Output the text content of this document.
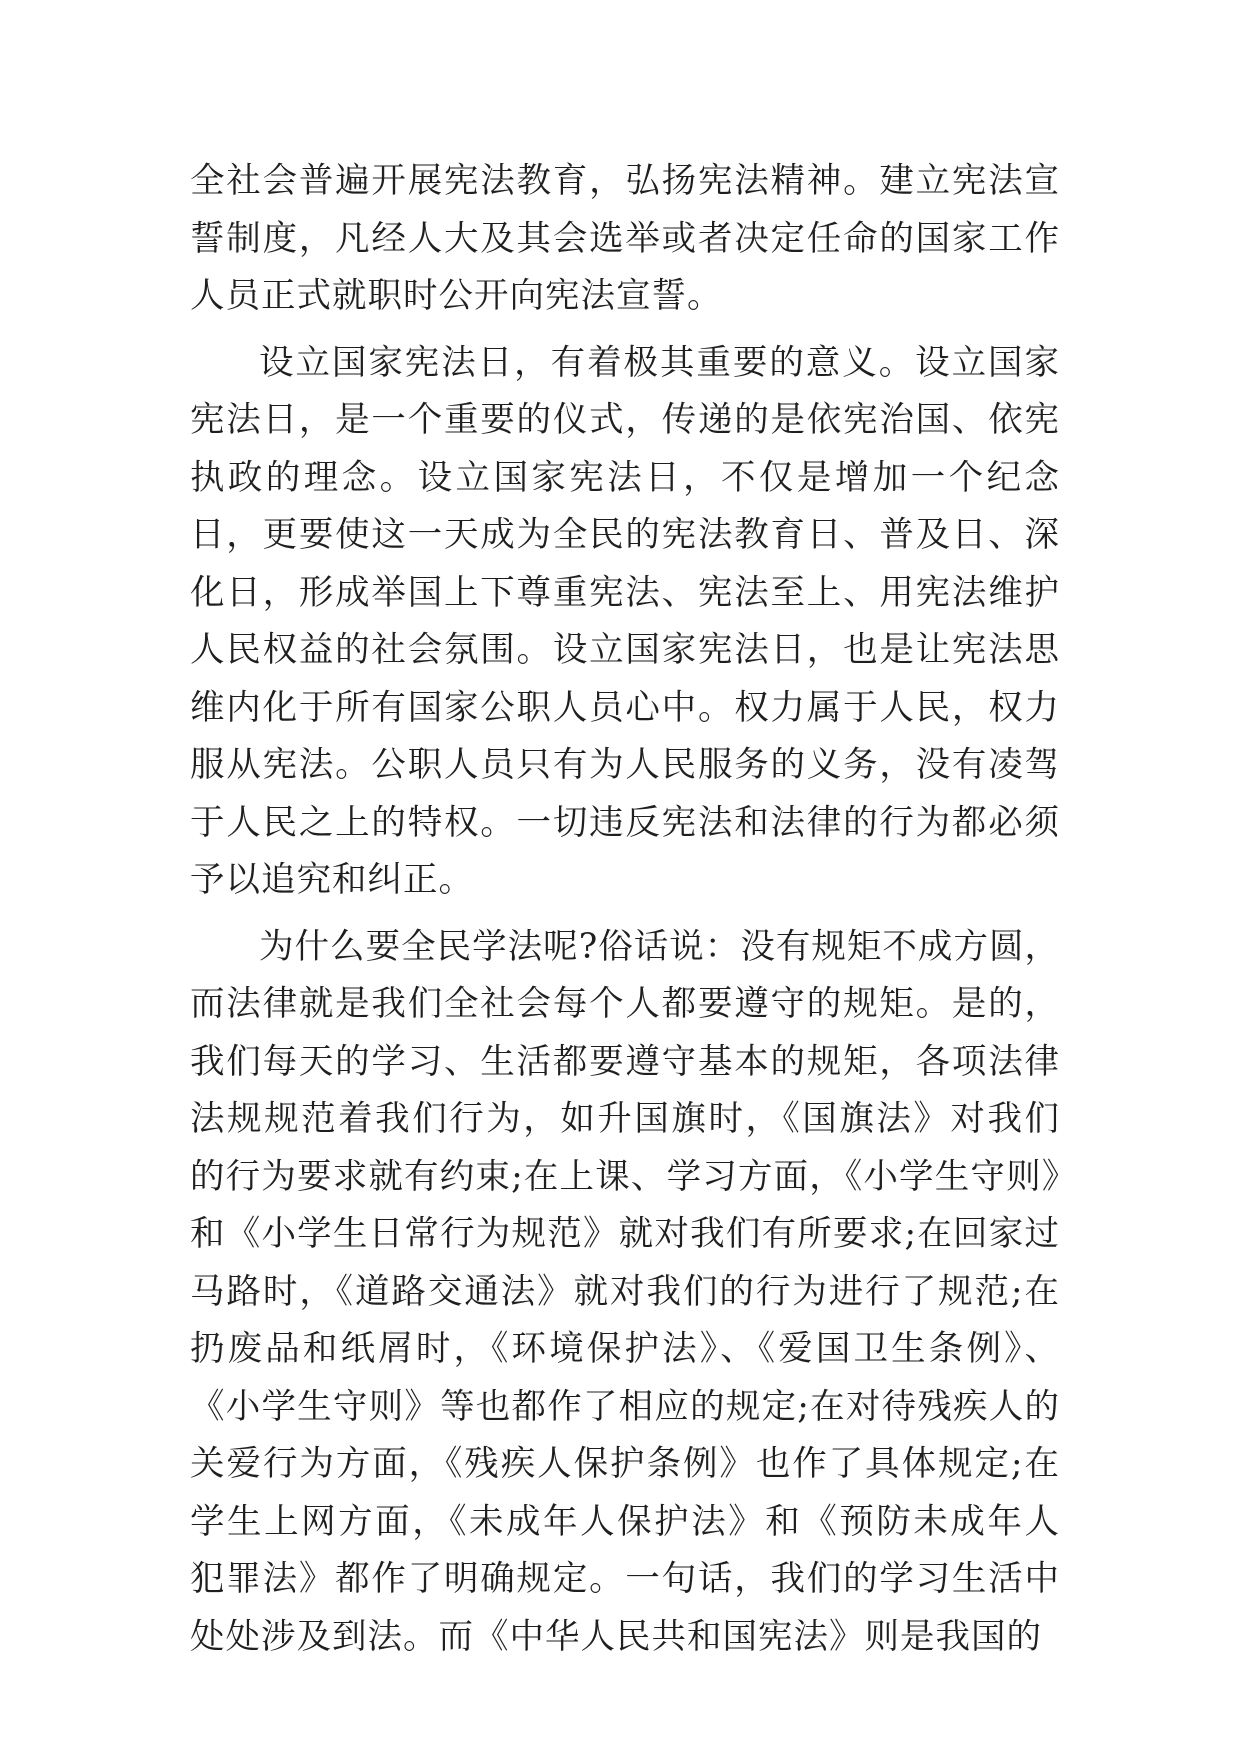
全社会普遍开展宪法教育，弘扬宪法精神。建立宪法宣誓制度，凡经人大及其会选举或者决定任命的国家工作人员正式就职时公开向宪法宣誓。

设立国家宪法日，有着极其重要的意义。设立国家宪法日，是一个重要的仪式，传递的是依宪治国、依宪执政的理念。设立国家宪法日，不仅是增加一个纪念日，更要使这一天成为全民的宪法教育日、普及日、深化日，形成举国上下尊重宪法、宪法至上、用宪法维护人民权益的社会氛围。设立国家宪法日，也是让宪法思维内化于所有国家公职人员心中。权力属于人民，权力服从宪法。公职人员只有为人民服务的义务，没有凌驾于人民之上的特权。一切违反宪法和法律的行为都必须予以追究和纠正。

为什么要全民学法呢?俗话说：没有规矩不成方圆，而法律就是我们全社会每个人都要遵守的规矩。是的，我们每天的学习、生活都要遵守基本的规矩，各项法律法规规范着我们行为，如升国旗时，《国旗法》对我们的行为要求就有约束;在上课、学习方面，《小学生守则》和《小学生日常行为规范》就对我们有所要求;在回家过马路时，《道路交通法》就对我们的行为进行了规范;在扔废品和纸屑时，《环境保护法》、《爱国卫生条例》、《小学生守则》等也都作了相应的规定;在对待残疾人的关爱行为方面，《残疾人保护条例》也作了具体规定;在学生上网方面，《未成年人保护法》和《预防未成年人犯罪法》都作了明确规定。一句话，我们的学习生活中处处涉及到法。而《中华人民共和国宪法》则是我国的
